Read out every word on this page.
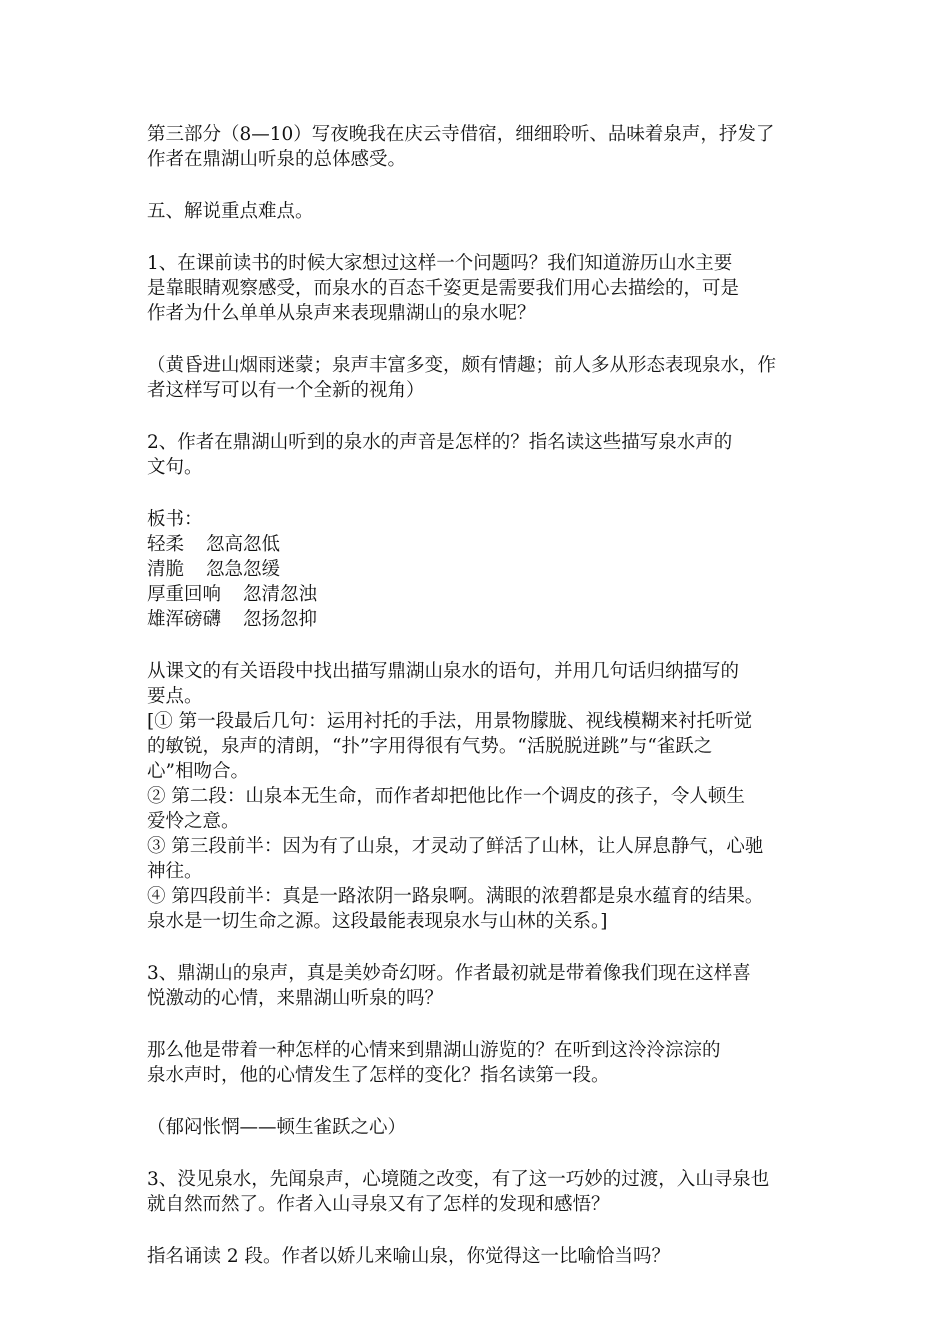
第三部分（8—10）写夜晚我在庆云寺借宿，细细聆听、品味着泉声，抒发了
作者在鼎湖山听泉的总体感受。

五、解说重点难点。

1、在课前读书的时候大家想过这样一个问题吗？我们知道游历山水主要
是靠眼睛观察感受，而泉水的百态千姿更是需要我们用心去描绘的，可是
作者为什么单单从泉声来表现鼎湖山的泉水呢？

（黄昏进山烟雨迷蒙；泉声丰富多变，颇有情趣；前人多从形态表现泉水，作
者这样写可以有一个全新的视角）

2、作者在鼎湖山听到的泉水的声音是怎样的？指名读这些描写泉水声的
文句。

板书：
轻柔 忽高忽低
清脆 忽急忽缓
厚重回响 忽清忽浊
雄浑磅礴 忽扬忽抑

从课文的有关语段中找出描写鼎湖山泉水的语句，并用几句话归纳描写的
要点。
[① 第一段最后几句：运用衬托的手法，用景物朦胧、视线模糊来衬托听觉
的敏锐，泉声的清朗，“扑”字用得很有气势。“活脱脱迸跳”与“雀跃之
心”相吻合。
② 第二段：山泉本无生命，而作者却把他比作一个调皮的孩子，令人顿生
爱怜之意。
③ 第三段前半：因为有了山泉，才灵动了鲜活了山林，让人屏息静气，心驰
神往。
④ 第四段前半：真是一路浓阴一路泉啊。满眼的浓碧都是泉水蕴育的结果。
泉水是一切生命之源。这段最能表现泉水与山林的关系。]

3、鼎湖山的泉声，真是美妙奇幻呀。作者最初就是带着像我们现在这样喜
悦激动的心情，来鼎湖山听泉的吗？

那么他是带着一种怎样的心情来到鼎湖山游览的？在听到这泠泠淙淙的
泉水声时，他的心情发生了怎样的变化？指名读第一段。

（郁闷怅惘——顿生雀跃之心）

3、没见泉水，先闻泉声，心境随之改变，有了这一巧妙的过渡，入山寻泉也
就自然而然了。作者入山寻泉又有了怎样的发现和感悟？

指名诵读 2 段。作者以娇儿来喻山泉，你觉得这一比喻恰当吗？
